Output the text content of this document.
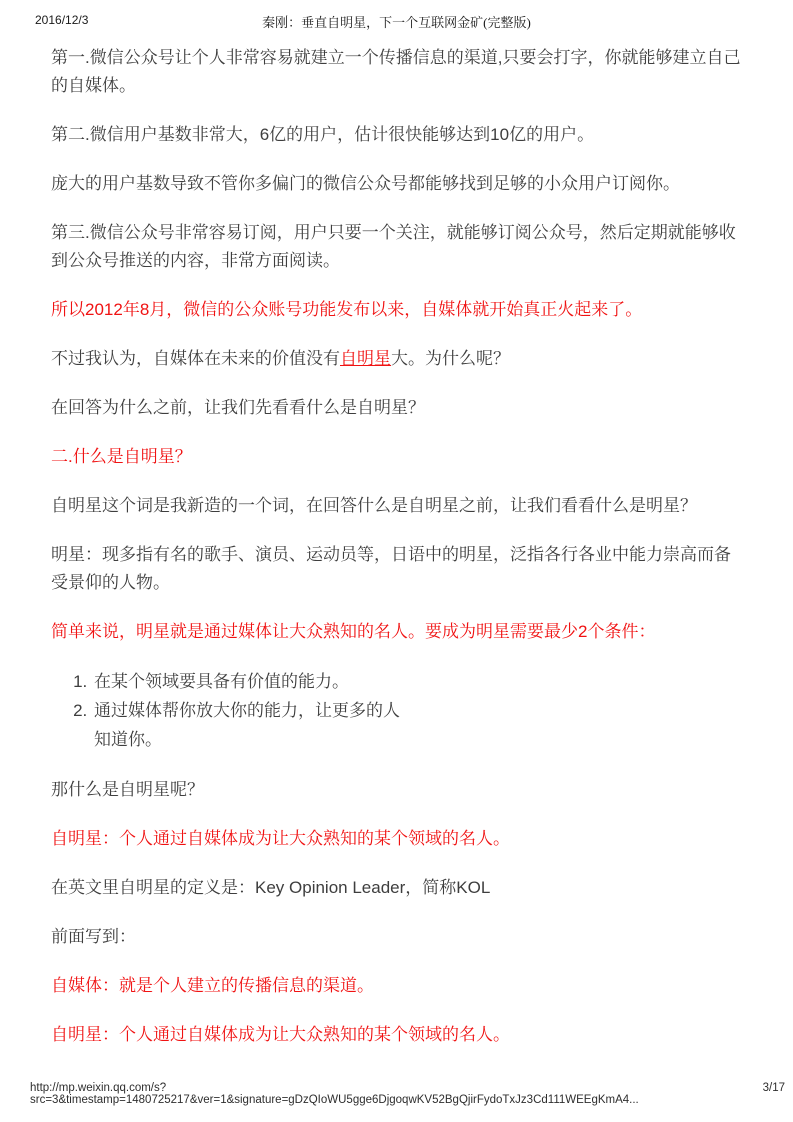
2016/12/3	秦刚：垂直自明星，下一个互联网金矿(完整版)

第一.微信公众号让个人非常容易就建立一个传播信息的渠道,只要会打字，你就能够建立自己的自媒体。

第二.微信用户基数非常大，6亿的用户，估计很快能够达到10亿的用户。

庞大的用户基数导致不管你多偏门的微信公众号都能够找到足够的小众用户订阅你。

第三.微信公众号非常容易订阅，用户只要一个关注，就能够订阅公众号，然后定期就能够收到公众号推送的内容，非常方面阅读。

所以2012年8月，微信的公众账号功能发布以来，自媒体就开始真正火起来了。

不过我认为，自媒体在未来的价值没有自明星大。为什么呢？

在回答为什么之前，让我们先看看什么是自明星？

二.什么是自明星？

自明星这个词是我新造的一个词，在回答什么是自明星之前，让我们看看什么是明星？

明星：现多指有名的歌手、演员、运动员等，日语中的明星，泛指各行各业中能力崇高而备受景仰的人物。

简单来说，明星就是通过媒体让大众熟知的名人。要成为明星需要最少2个条件：

1. 在某个领域要具备有价值的能力。
2. 通过媒体帮你放大你的能力，让更多的人
知道你。

那什么是自明星呢？

自明星：个人通过自媒体成为让大众熟知的某个领域的名人。

在英文里自明星的定义是：Key Opinion Leader，简称KOL

前面写到：

自媒体：就是个人建立的传播信息的渠道。

自明星：个人通过自媒体成为让大众熟知的某个领域的名人。

http://mp.weixin.qq.com/s?src=3&timestamp=1480725217&ver=1&signature=gDzQIoWU5gge6DjgoqwKV52BgQjirFydoTxJz3Cd111WEEgKmA4...
3/17
